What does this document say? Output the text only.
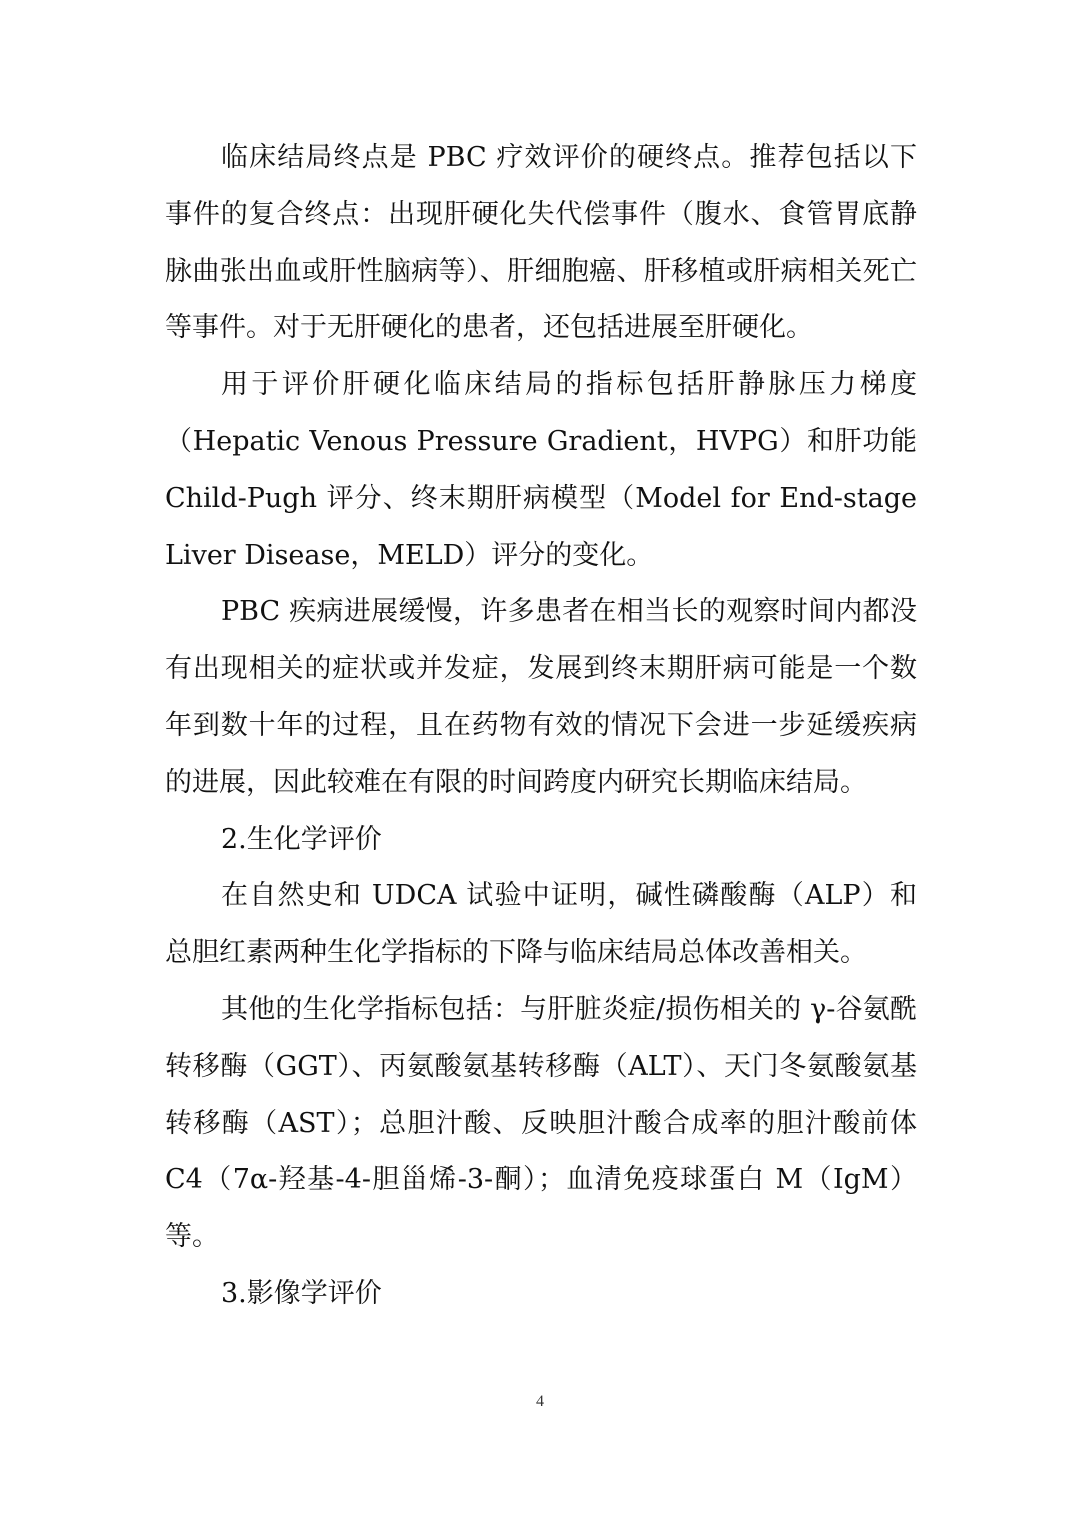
临床结局终点是 PBC 疗效评价的硬终点。推荐包括以下事件的复合终点：出现肝硬化失代偿事件（腹水、食管胃底静脉曲张出血或肝性脑病等）、肝细胞癌、肝移植或肝病相关死亡等事件。对于无肝硬化的患者，还包括进展至肝硬化。

用于评价肝硬化临床结局的指标包括肝静脉压力梯度（Hepatic Venous Pressure Gradient，HVPG）和肝功能 Child-Pugh 评分、终末期肝病模型（Model for End-stage Liver Disease，MELD）评分的变化。

PBC 疾病进展缓慢，许多患者在相当长的观察时间内都没有出现相关的症状或并发症，发展到终末期肝病可能是一个数年到数十年的过程，且在药物有效的情况下会进一步延缓疾病的进展，因此较难在有限的时间跨度内研究长期临床结局。

2.生化学评价

在自然史和 UDCA 试验中证明，碱性磷酸酶（ALP）和总胆红素两种生化学指标的下降与临床结局总体改善相关。

其他的生化学指标包括：与肝脏炎症/损伤相关的 γ-谷氨酰转移酶（GGT）、丙氨酸氨基转移酶（ALT）、天门冬氨酸氨基转移酶（AST）；总胆汁酸、反映胆汁酸合成率的胆汁酸前体 C4（7α-羟基-4-胆甾烯-3-酮）；血清免疫球蛋白 M（IgM）等。

3.影像学评价
4
